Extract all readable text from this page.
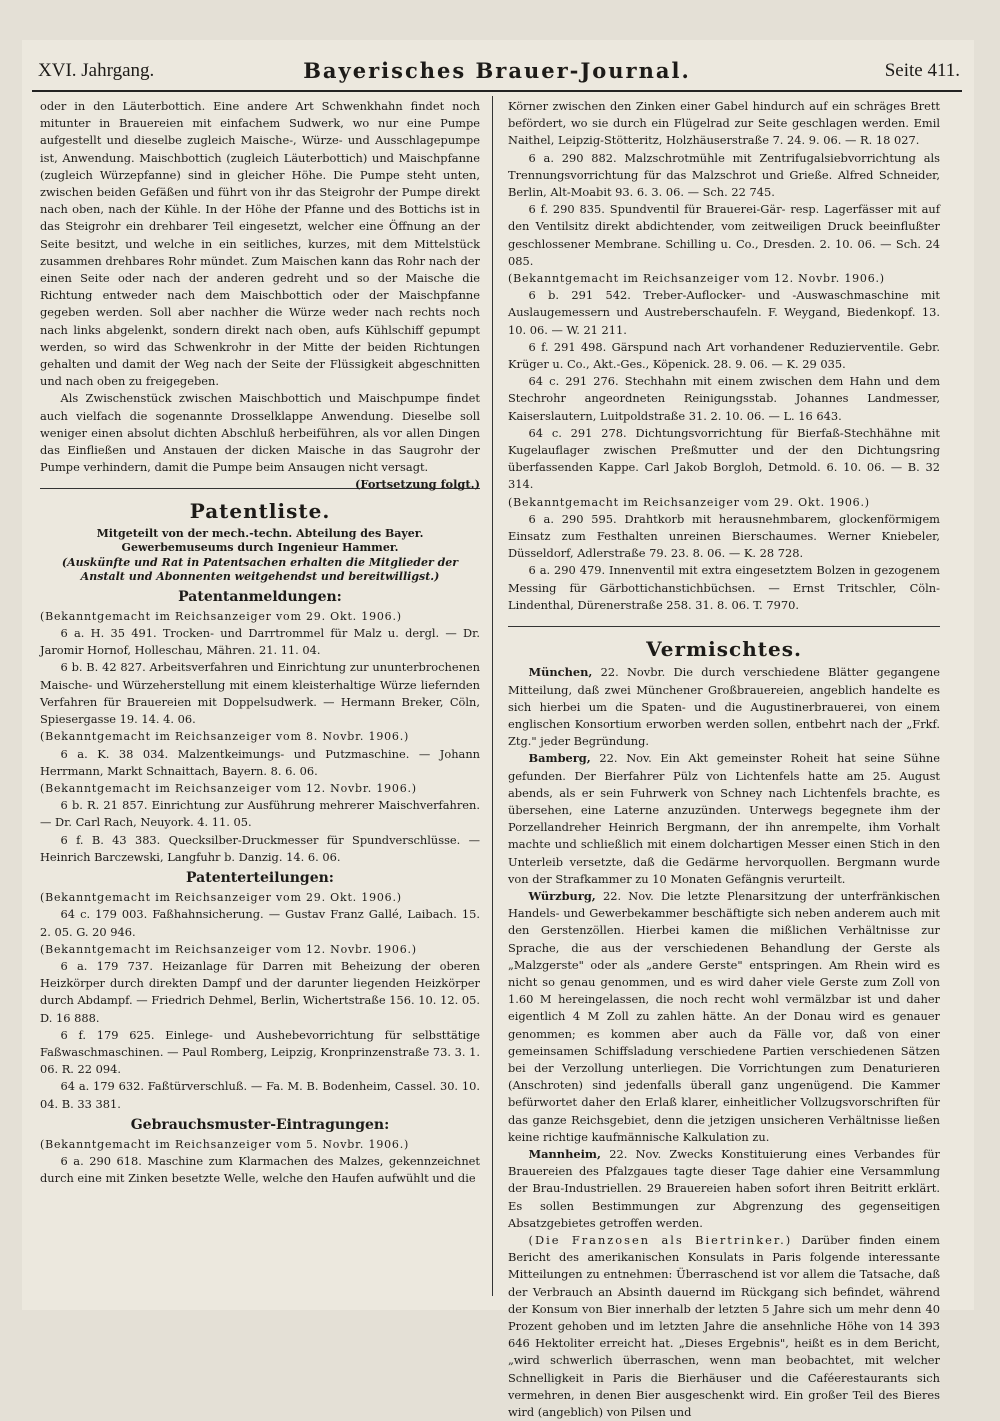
XVI. Jahrgang.	Bayerisches Brauer-Journal.	Seite 411.

oder in den Läuterbottich. Eine andere Art Schwenkhahn findet noch mitunter in Brauereien mit einfachem Sudwerk, wo nur eine Pumpe aufgestellt und dieselbe zugleich Maische-, Würze- und Ausschlagepumpe ist, Anwendung. Maischbottich (zugleich Läuterbottich) und Maischpfanne (zugleich Würzepfanne) sind in gleicher Höhe. Die Pumpe steht unten, zwischen beiden Gefäßen und führt von ihr das Steigrohr der Pumpe direkt nach oben, nach der Kühle. In der Höhe der Pfanne und des Bottichs ist in das Steigrohr ein drehbarer Teil eingesetzt, welcher eine Öffnung an der Seite besitzt, und welche in ein seitliches, kurzes, mit dem Mittelstück zusammen drehbares Rohr mündet. Zum Maischen kann das Rohr nach der einen Seite oder nach der anderen gedreht und so der Maische die Richtung entweder nach dem Maischbottich oder der Maischpfanne gegeben werden. Soll aber nachher die Würze weder nach rechts noch nach links abgelenkt, sondern direkt nach oben, aufs Kühlschiff gepumpt werden, so wird das Schwenkrohr in der Mitte der beiden Richtungen gehalten und damit der Weg nach der Seite der Flüssigkeit abgeschnitten und nach oben zu freigegeben.

Als Zwischenstück zwischen Maischbottich und Maischpumpe findet auch vielfach die sogenannte Drosselklappe Anwendung. Dieselbe soll weniger einen absolut dichten Abschluß herbeiführen, als vor allen Dingen das Einfließen und Anstauen der dicken Maische in das Saugrohr der Pumpe verhindern, damit die Pumpe beim Ansaugen nicht versagt.
(Fortsetzung folgt.)

Patentliste.
Mitgeteilt von der mech.-techn. Abteilung des Bayer. Gewerbemuseums durch Ingenieur Hammer.
(Auskünfte und Rat in Patentsachen erhalten die Mitglieder der Anstalt und Abonnenten weitgehendst und bereitwilligst.)
Patentanmeldungen:

(Bekanntgemacht im Reichsanzeiger vom 29. Okt. 1906.)

6 a. H. 35 491. Trocken- und Darrtrommel für Malz u. dergl. — Dr. Jaromir Hornof, Holleschau, Mähren. 21. 11. 04.

6 b. B. 42 827. Arbeitsverfahren und Einrichtung zur ununterbrochenen Maische- und Würzeherstellung mit einem kleisterhaltige Würze liefernden Verfahren für Brauereien mit Doppelsudwerk. — Hermann Breker, Cöln, Spiesergasse 19. 14. 4. 06.

(Bekanntgemacht im Reichsanzeiger vom 8. Novbr. 1906.)

6 a. K. 38 034. Malzentkeimungs- und Putzmaschine. — Johann Herrmann, Markt Schnaittach, Bayern. 8. 6. 06.

(Bekanntgemacht im Reichsanzeiger vom 12. Novbr. 1906.)

6 b. R. 21 857. Einrichtung zur Ausführung mehrerer Maischverfahren. — Dr. Carl Rach, Neuyork. 4. 11. 05.

6 f. B. 43 383. Quecksilber-Druckmesser für Spundverschlüsse. — Heinrich Barczewski, Langfuhr b. Danzig. 14. 6. 06.

Patenterteilungen:

(Bekanntgemacht im Reichsanzeiger vom 29. Okt. 1906.)

64 c. 179 003. Faßhahnsicherung. — Gustav Franz Gallé, Laibach. 15. 2. 05. G. 20 946.

(Bekanntgemacht im Reichsanzeiger vom 12. Novbr. 1906.)

6 a. 179 737. Heizanlage für Darren mit Beheizung der oberen Heizkörper durch direkten Dampf und der darunter liegenden Heizkörper durch Abdampf. — Friedrich Dehmel, Berlin, Wichertstraße 156. 10. 12. 05. D. 16 888.

6 f. 179 625. Einlege- und Aushebevorrichtung für selbsttätige Faßwaschmaschinen. — Paul Romberg, Leipzig, Kronprinzenstraße 73. 3. 1. 06. R. 22 094.

64 a. 179 632. Faßtürverschluß. — Fa. M. B. Bodenheim, Cassel. 30. 10. 04. B. 33 381.

Gebrauchsmuster-Eintragungen:

(Bekanntgemacht im Reichsanzeiger vom 5. Novbr. 1906.)

6 a. 290 618. Maschine zum Klarmachen des Malzes, gekennzeichnet durch eine mit Zinken besetzte Welle, welche den Haufen aufwühlt und die

Körner zwischen den Zinken einer Gabel hindurch auf ein schräges Brett befördert, wo sie durch ein Flügelrad zur Seite geschlagen werden. Emil Naithel, Leipzig-Stötteritz, Holzhäuserstraße 7. 24. 9. 06. — R. 18 027.

6 a. 290 882. Malzschrotmühle mit Zentrifugalsiebvorrichtung als Trennungsvorrichtung für das Malzschrot und Grieße. Alfred Schneider, Berlin, Alt-Moabit 93. 6. 3. 06. — Sch. 22 745.

6 f. 290 835. Spundventil für Brauerei-Gär- resp. Lagerfässer mit auf den Ventilsitz direkt abdichtender, vom zeitweiligen Druck beeinflußter geschlossener Membrane. Schilling u. Co., Dresden. 2. 10. 06. — Sch. 24 085.

(Bekanntgemacht im Reichsanzeiger vom 12. Novbr. 1906.)

6 b. 291 542. Treber-Auflocker- und -Auswaschmaschine mit Auslaugemessern und Austreberschaufeln. F. Weygand, Biedenkopf. 13. 10. 06. — W. 21 211.

6 f. 291 498. Gärspund nach Art vorhandener Reduzierventile. Gebr. Krüger u. Co., Akt.-Ges., Köpenick. 28. 9. 06. — K. 29 035.

64 c. 291 276. Stechhahn mit einem zwischen dem Hahn und dem Stechrohr angeordneten Reinigungsstab. Johannes Landmesser, Kaiserslautern, Luitpoldstraße 31. 2. 10. 06. — L. 16 643.

64 c. 291 278. Dichtungsvorrichtung für Bierfaß-Stechhähne mit Kugelauflager zwischen Preßmutter und der den Dichtungsring überfassenden Kappe. Carl Jakob Borgloh, Detmold. 6. 10. 06. — B. 32 314.

(Bekanntgemacht im Reichsanzeiger vom 29. Okt. 1906.)

6 a. 290 595. Drahtkorb mit herausnehmbarem, glockenförmigem Einsatz zum Festhalten unreinen Bierschaumes. Werner Kniebeler, Düsseldorf, Adlerstraße 79. 23. 8. 06. — K. 28 728.

6 a. 290 479. Innenventil mit extra eingesetztem Bolzen in gezogenem Messing für Gärbottichanstichbüchsen. — Ernst Tritschler, Cöln-Lindenthal, Dürenerstraße 258. 31. 8. 06. T. 7970.

Vermischtes.

München, 22. Novbr. Die durch verschiedene Blätter gegangene Mitteilung, daß zwei Münchener Großbrauereien, angeblich handelte es sich hierbei um die Spaten- und die Augustinerbrauerei, von einem englischen Konsortium erworben werden sollen, entbehrt nach der „Frkf. Ztg." jeder Begründung.

Bamberg, 22. Nov. Ein Akt gemeinster Roheit hat seine Sühne gefunden. Der Bierfahrer Pülz von Lichtenfels hatte am 25. August abends, als er sein Fuhrwerk von Schney nach Lichtenfels brachte, es übersehen, eine Laterne anzuzünden. Unterwegs begegnete ihm der Porzellandreher Heinrich Bergmann, der ihn anrempelte, ihm Vorhalt machte und schließlich mit einem dolchartigen Messer einen Stich in den Unterleib versetzte, daß die Gedärme hervorquollen. Bergmann wurde von der Strafkammer zu 10 Monaten Gefängnis verurteilt.

Würzburg, 22. Nov. Die letzte Plenarsitzung der unterfränkischen Handels- und Gewerbekammer beschäftigte sich neben anderem auch mit den Gerstenzöllen. Hierbei kamen die mißlichen Verhältnisse zur Sprache, die aus der verschiedenen Behandlung der Gerste als „Malzgerste" oder als „andere Gerste" entspringen. Am Rhein wird es nicht so genau genommen, und es wird daher viele Gerste zum Zoll von 1.60 M hereingelassen, die noch recht wohl vermälzbar ist und daher eigentlich 4 M Zoll zu zahlen hätte. An der Donau wird es genauer genommen; es kommen aber auch da Fälle vor, daß von einer gemeinsamen Schiffsladung verschiedene Partien verschiedenen Sätzen bei der Verzollung unterliegen. Die Vorrichtungen zum Denaturieren (Anschroten) sind jedenfalls überall ganz ungenügend. Die Kammer befürwortet daher den Erlaß klarer, einheitlicher Vollzugsvorschriften für das ganze Reichsgebiet, denn die jetzigen unsicheren Verhältnisse ließen keine richtige kaufmännische Kalkulation zu.

Mannheim, 22. Nov. Zwecks Konstituierung eines Verbandes für Brauereien des Pfalzgaues tagte dieser Tage dahier eine Versammlung der Brau-Industriellen. 29 Brauereien haben sofort ihren Beitritt erklärt. Es sollen Bestimmungen zur Abgrenzung des gegenseitigen Absatzgebietes getroffen werden.

(Die Franzosen als Biertrinker.) Darüber finden einem Bericht des amerikanischen Konsulats in Paris folgende interessante Mitteilungen zu entnehmen: Überraschend ist vor allem die Tatsache, daß der Verbrauch an Absinth dauernd im Rückgang sich befindet, während der Konsum von Bier innerhalb der letzten 5 Jahre sich um mehr denn 40 Prozent gehoben und im letzten Jahre die ansehnliche Höhe von 14 393 646 Hektoliter erreicht hat. „Dieses Ergebnis", heißt es in dem Bericht, „wird schwerlich überraschen, wenn man beobachtet, mit welcher Schnelligkeit in Paris die Bierhäuser und die Caféerestaurants sich vermehren, in denen Bier ausgeschenkt wird. Ein großer Teil des Bieres wird (angeblich) von Pilsen und
